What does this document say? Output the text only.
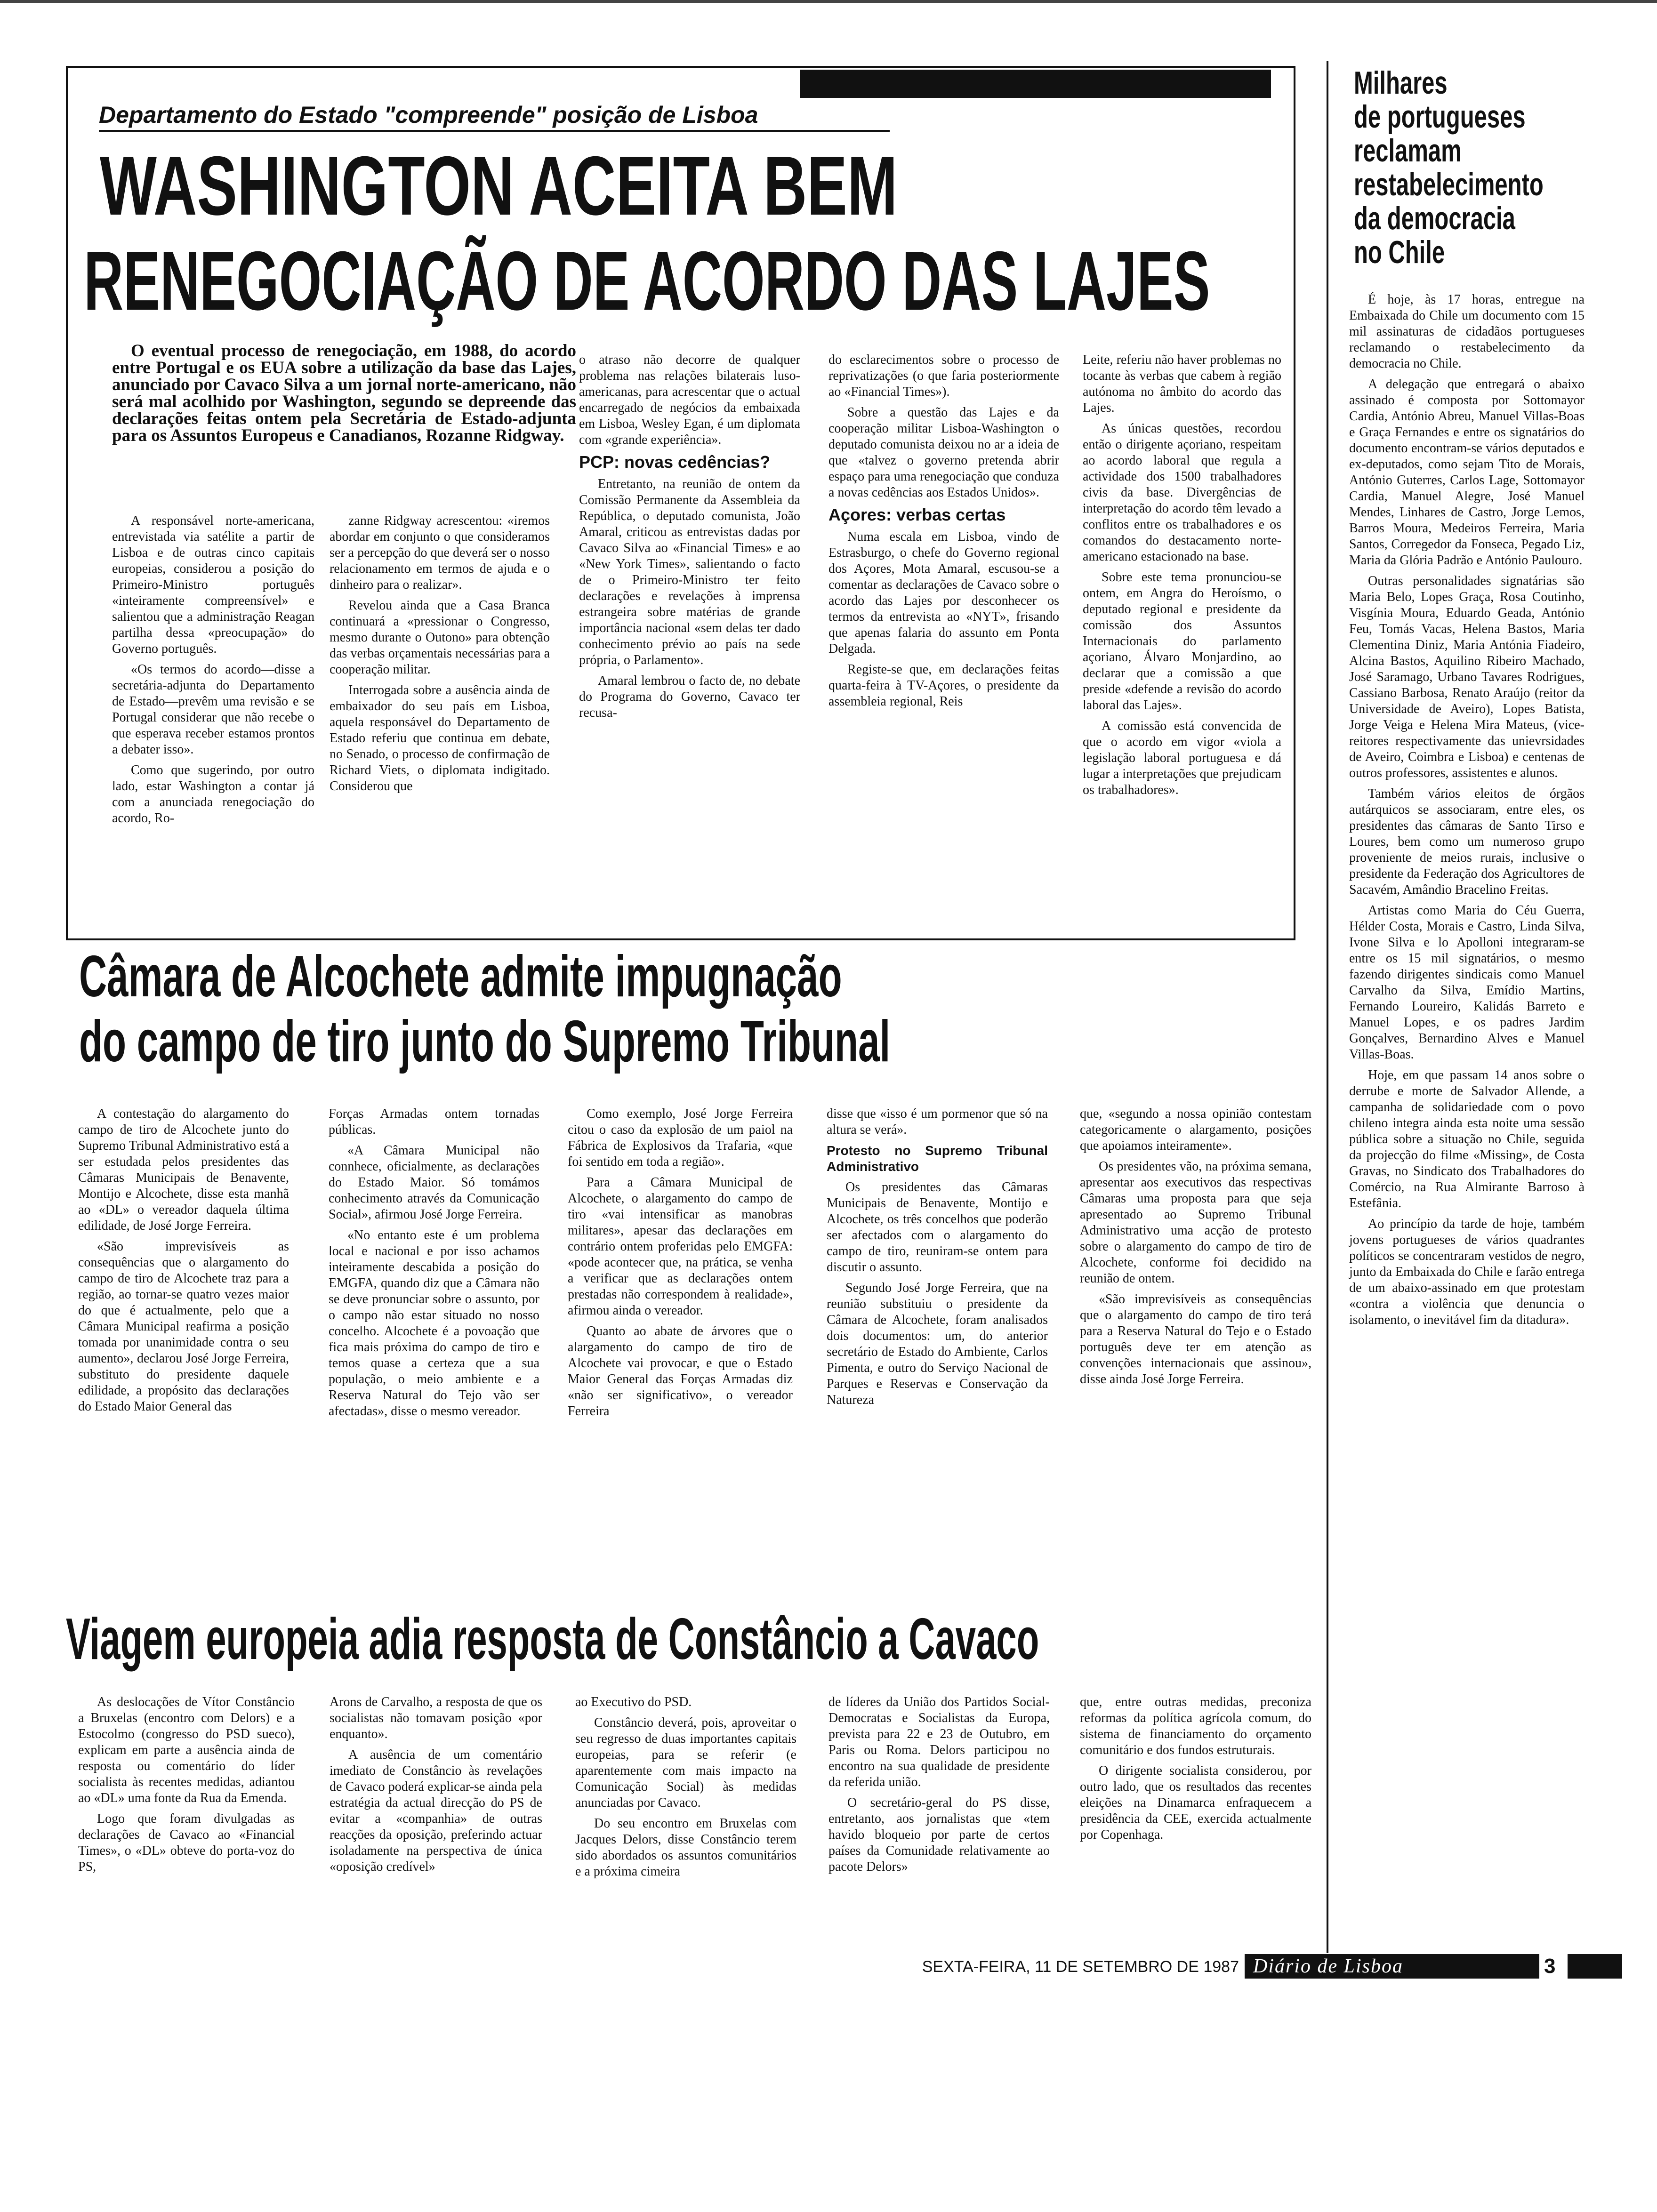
Departamento do Estado "compreende" posição de Lisboa
WASHINGTON ACEITA BEM
RENEGOCIAÇÃO DE ACORDO DAS LAJES
O eventual processo de renegociação, em 1988, do acordo entre Portugal e os EUA sobre a utilização da base das Lajes, anunciado por Cavaco Silva a um jornal norte-americano, não será mal acolhido por Washington, segundo se depreende das declarações feitas ontem pela Secretária de Estado-adjunta para os Assuntos Europeus e Canadianos, Rozanne Ridgway.

A responsável norte-americana, entrevistada via satélite a partir de Lisboa e de outras cinco capitais europeias, considerou a posição do Primeiro-Ministro português «inteiramente compreensível» e salientou que a administração Reagan partilha dessa «preocupação» do Governo português.

«Os termos do acordo—disse a secretária-adjunta do Departamento de Estado—prevêm uma revisão e se Portugal considerar que não recebe o que esperava receber estamos prontos a debater isso».

Como que sugerindo, por outro lado, estar Washington a contar já com a anunciada renegociação do acordo, Ro-

zanne Ridgway acrescentou: «iremos abordar em conjunto o que consideramos ser a percepção do que deverá ser o nosso relacionamento em termos de ajuda e o dinheiro para o realizar».

Revelou ainda que a Casa Branca continuará a «pressionar o Congresso, mesmo durante o Outono» para obtenção das verbas orçamentais necessárias para a cooperação militar.

Interrogada sobre a ausência ainda de embaixador do seu país em Lisboa, aquela responsável do Departamento de Estado referiu que continua em debate, no Senado, o processo de confirmação de Richard Viets, o diplomata indigitado. Considerou que

o atraso não decorre de qualquer problema nas relações bilaterais luso-americanas, para acrescentar que o actual encarregado de negócios da embaixada em Lisboa, Wesley Egan, é um diplomata com «grande experiência».

PCP: novas cedências?

Entretanto, na reunião de ontem da Comissão Permanente da Assembleia da República, o deputado comunista, João Amaral, criticou as entrevistas dadas por Cavaco Silva ao «Financial Times» e ao «New York Times», salientando o facto de o Primeiro-Ministro ter feito declarações e revelações à imprensa estrangeira sobre matérias de grande importância nacional «sem delas ter dado conhecimento prévio ao país na sede própria, o Parlamento».

Amaral lembrou o facto de, no debate do Programa do Governo, Cavaco ter recusa-

do esclarecimentos sobre o processo de reprivatizações (o que faria posteriormente ao «Financial Times»).

Sobre a questão das Lajes e da cooperação militar Lisboa-Washington o deputado comunista deixou no ar a ideia de que «talvez o governo pretenda abrir espaço para uma renegociação que conduza a novas cedências aos Estados Unidos».

Açores: verbas certas

Numa escala em Lisboa, vindo de Estrasburgo, o chefe do Governo regional dos Açores, Mota Amaral, escusou-se a comentar as declarações de Cavaco sobre o acordo das Lajes por desconhecer os termos da entrevista ao «NYT», frisando que apenas falaria do assunto em Ponta Delgada.

Registe-se que, em declarações feitas quarta-feira à TV-Açores, o presidente da assembleia regional, Reis

Leite, referiu não haver problemas no tocante às verbas que cabem à região autónoma no âmbito do acordo das Lajes.

As únicas questões, recordou então o dirigente açoriano, respeitam ao acordo laboral que regula a actividade dos 1500 trabalhadores civis da base. Divergências de interpretação do acordo têm levado a conflitos entre os trabalhadores e os comandos do destacamento norte-americano estacionado na base.

Sobre este tema pronunciou-se ontem, em Angra do Heroísmo, o deputado regional e presidente da comissão dos Assuntos Internacionais do parlamento açoriano, Álvaro Monjardino, ao declarar que a comissão a que preside «defende a revisão do acordo laboral das Lajes».

A comissão está convencida de que o acordo em vigor «viola a legislação laboral portuguesa e dá lugar a interpretações que prejudicam os trabalhadores».

Milhares
de portugueses
reclamam
restabelecimento
da democracia
no Chile

É hoje, às 17 horas, entregue na Embaixada do Chile um documento com 15 mil assinaturas de cidadãos portugueses reclamando o restabelecimento da democracia no Chile.

A delegação que entregará o abaixo assinado é composta por Sottomayor Cardia, António Abreu, Manuel Villas-Boas e Graça Fernandes e entre os signatários do documento encontram-se vários deputados e ex-deputados, como sejam Tito de Morais, António Guterres, Carlos Lage, Sottomayor Cardia, Manuel Alegre, José Manuel Mendes, Linhares de Castro, Jorge Lemos, Barros Moura, Medeiros Ferreira, Maria Santos, Corregedor da Fonseca, Pegado Liz, Maria da Glória Padrão e António Paulouro.

Outras personalidades signatárias são Maria Belo, Lopes Graça, Rosa Coutinho, Visgínia Moura, Eduardo Geada, António Feu, Tomás Vacas, Helena Bastos, Maria Clementina Diniz, Maria Antónia Fiadeiro, Alcina Bastos, Aquilino Ribeiro Machado, José Saramago, Urbano Tavares Rodrigues, Cassiano Barbosa, Renato Araújo (reitor da Universidade de Aveiro), Lopes Batista, Jorge Veiga e Helena Mira Mateus, (vice-reitores respectivamente das unievrsidades de Aveiro, Coimbra e Lisboa) e centenas de outros professores, assistentes e alunos.

Também vários eleitos de órgãos autárquicos se associaram, entre eles, os presidentes das câmaras de Santo Tirso e Loures, bem como um numeroso grupo proveniente de meios rurais, inclusive o presidente da Federação dos Agricultores de Sacavém, Amândio Bracelino Freitas.

Artistas como Maria do Céu Guerra, Hélder Costa, Morais e Castro, Linda Silva, Ivone Silva e lo Apolloni integraram-se entre os 15 mil signatários, o mesmo fazendo dirigentes sindicais como Manuel Carvalho da Silva, Emídio Martins, Fernando Loureiro, Kalidás Barreto e Manuel Lopes, e os padres Jardim Gonçalves, Bernardino Alves e Manuel Villas-Boas.

Hoje, em que passam 14 anos sobre o derrube e morte de Salvador Allende, a campanha de solidariedade com o povo chileno integra ainda esta noite uma sessão pública sobre a situação no Chile, seguida da projecção do filme «Missing», de Costa Gravas, no Sindicato dos Trabalhadores do Comércio, na Rua Almirante Barroso à Estefânia.

Ao princípio da tarde de hoje, também jovens portugueses de vários quadrantes políticos se concentraram vestidos de negro, junto da Embaixada do Chile e farão entrega de um abaixo-assinado em que protestam «contra a violência que denuncia o isolamento, o inevitável fim da ditadura».

Câmara de Alcochete admite impugnação
do campo de tiro junto do Supremo Tribunal

A contestação do alargamento do campo de tiro de Alcochete junto do Supremo Tribunal Administrativo está a ser estudada pelos presidentes das Câmaras Municipais de Benavente, Montijo e Alcochete, disse esta manhã ao «DL» o vereador daquela última edilidade, de José Jorge Ferreira.

«São imprevisíveis as consequências que o alargamento do campo de tiro de Alcochete traz para a região, ao tornar-se quatro vezes maior do que é actualmente, pelo que a Câmara Municipal reafirma a posição tomada por unanimidade contra o seu aumento», declarou José Jorge Ferreira, substituto do presidente daquele edilidade, a propósito das declarações do Estado Maior General das

Forças Armadas ontem tornadas públicas.

«A Câmara Municipal não connhece, oficialmente, as declarações do Estado Maior. Só tomámos conhecimento através da Comunicação Social», afirmou José Jorge Ferreira.

«No entanto este é um problema local e nacional e por isso achamos inteiramente descabida a posição do EMGFA, quando diz que a Câmara não se deve pronunciar sobre o assunto, por o campo não estar situado no nosso concelho. Alcochete é a povoação que fica mais próxima do campo de tiro e temos quase a certeza que a sua população, o meio ambiente e a Reserva Natural do Tejo vão ser afectadas», disse o mesmo vereador.

Como exemplo, José Jorge Ferreira citou o caso da explosão de um paiol na Fábrica de Explosivos da Trafaria, «que foi sentido em toda a região».

Para a Câmara Municipal de Alcochete, o alargamento do campo de tiro «vai intensificar as manobras militares», apesar das declarações em contrário ontem proferidas pelo EMGFA: «pode acontecer que, na prática, se venha a verificar que as declarações ontem prestadas não correspondem à realidade», afirmou ainda o vereador.

Quanto ao abate de árvores que o alargamento do campo de tiro de Alcochete vai provocar, e que o Estado Maior General das Forças Armadas diz «não ser significativo», o vereador Ferreira

disse que «isso é um pormenor que só na altura se verá».

Protesto no Supremo Tribunal Administrativo

Os presidentes das Câmaras Municipais de Benavente, Montijo e Alcochete, os três concelhos que poderão ser afectados com o alargamento do campo de tiro, reuniram-se ontem para discutir o assunto.

Segundo José Jorge Ferreira, que na reunião substituiu o presidente da Câmara de Alcochete, foram analisados dois documentos: um, do anterior secretário de Estado do Ambiente, Carlos Pimenta, e outro do Serviço Nacional de Parques e Reservas e Conservação da Natureza

que, «segundo a nossa opinião contestam categoricamente o alargamento, posições que apoiamos inteiramente».

Os presidentes vão, na próxima semana, apresentar aos executivos das respectivas Câmaras uma proposta para que seja apresentado ao Supremo Tribunal Administrativo uma acção de protesto sobre o alargamento do campo de tiro de Alcochete, conforme foi decidido na reunião de ontem.

«São imprevisíveis as consequências que o alargamento do campo de tiro terá para a Reserva Natural do Tejo e o Estado português deve ter em atenção as convenções internacionais que assinou», disse ainda José Jorge Ferreira.

Viagem europeia adia resposta de Constâncio a Cavaco

As deslocações de Vítor Constâncio a Bruxelas (encontro com Delors) e a Estocolmo (congresso do PSD sueco), explicam em parte a ausência ainda de resposta ou comentário do líder socialista às recentes medidas, adiantou ao «DL» uma fonte da Rua da Emenda.

Logo que foram divulgadas as declarações de Cavaco ao «Financial Times», o «DL» obteve do porta-voz do PS,

Arons de Carvalho, a resposta de que os socialistas não tomavam posição «por enquanto».

A ausência de um comentário imediato de Constâncio às revelações de Cavaco poderá explicar-se ainda pela estratégia da actual direcção do PS de evitar a «companhia» de outras reacções da oposição, preferindo actuar isoladamente na perspectiva de única «oposição credível»

ao Executivo do PSD.

Constâncio deverá, pois, aproveitar o seu regresso de duas importantes capitais europeias, para se referir (e aparentemente com mais impacto na Comunicação Social) às medidas anunciadas por Cavaco.

Do seu encontro em Bruxelas com Jacques Delors, disse Constâncio terem sido abordados os assuntos comunitários e a próxima cimeira

de líderes da União dos Partidos Social-Democratas e Socialistas da Europa, prevista para 22 e 23 de Outubro, em Paris ou Roma. Delors participou no encontro na sua qualidade de presidente da referida união.

O secretário-geral do PS disse, entretanto, aos jornalistas que «tem havido bloqueio por parte de certos países da Comunidade relativamente ao pacote Delors»

que, entre outras medidas, preconiza reformas da política agrícola comum, do sistema de financiamento do orçamento comunitário e dos fundos estruturais.

O dirigente socialista considerou, por outro lado, que os resultados das recentes eleições na Dinamarca enfraquecem a presidência da CEE, exercida actualmente por Copenhaga.

SEXTA-FEIRA, 11 DE SETEMBRO DE 1987 Diário de Lisboa	3
